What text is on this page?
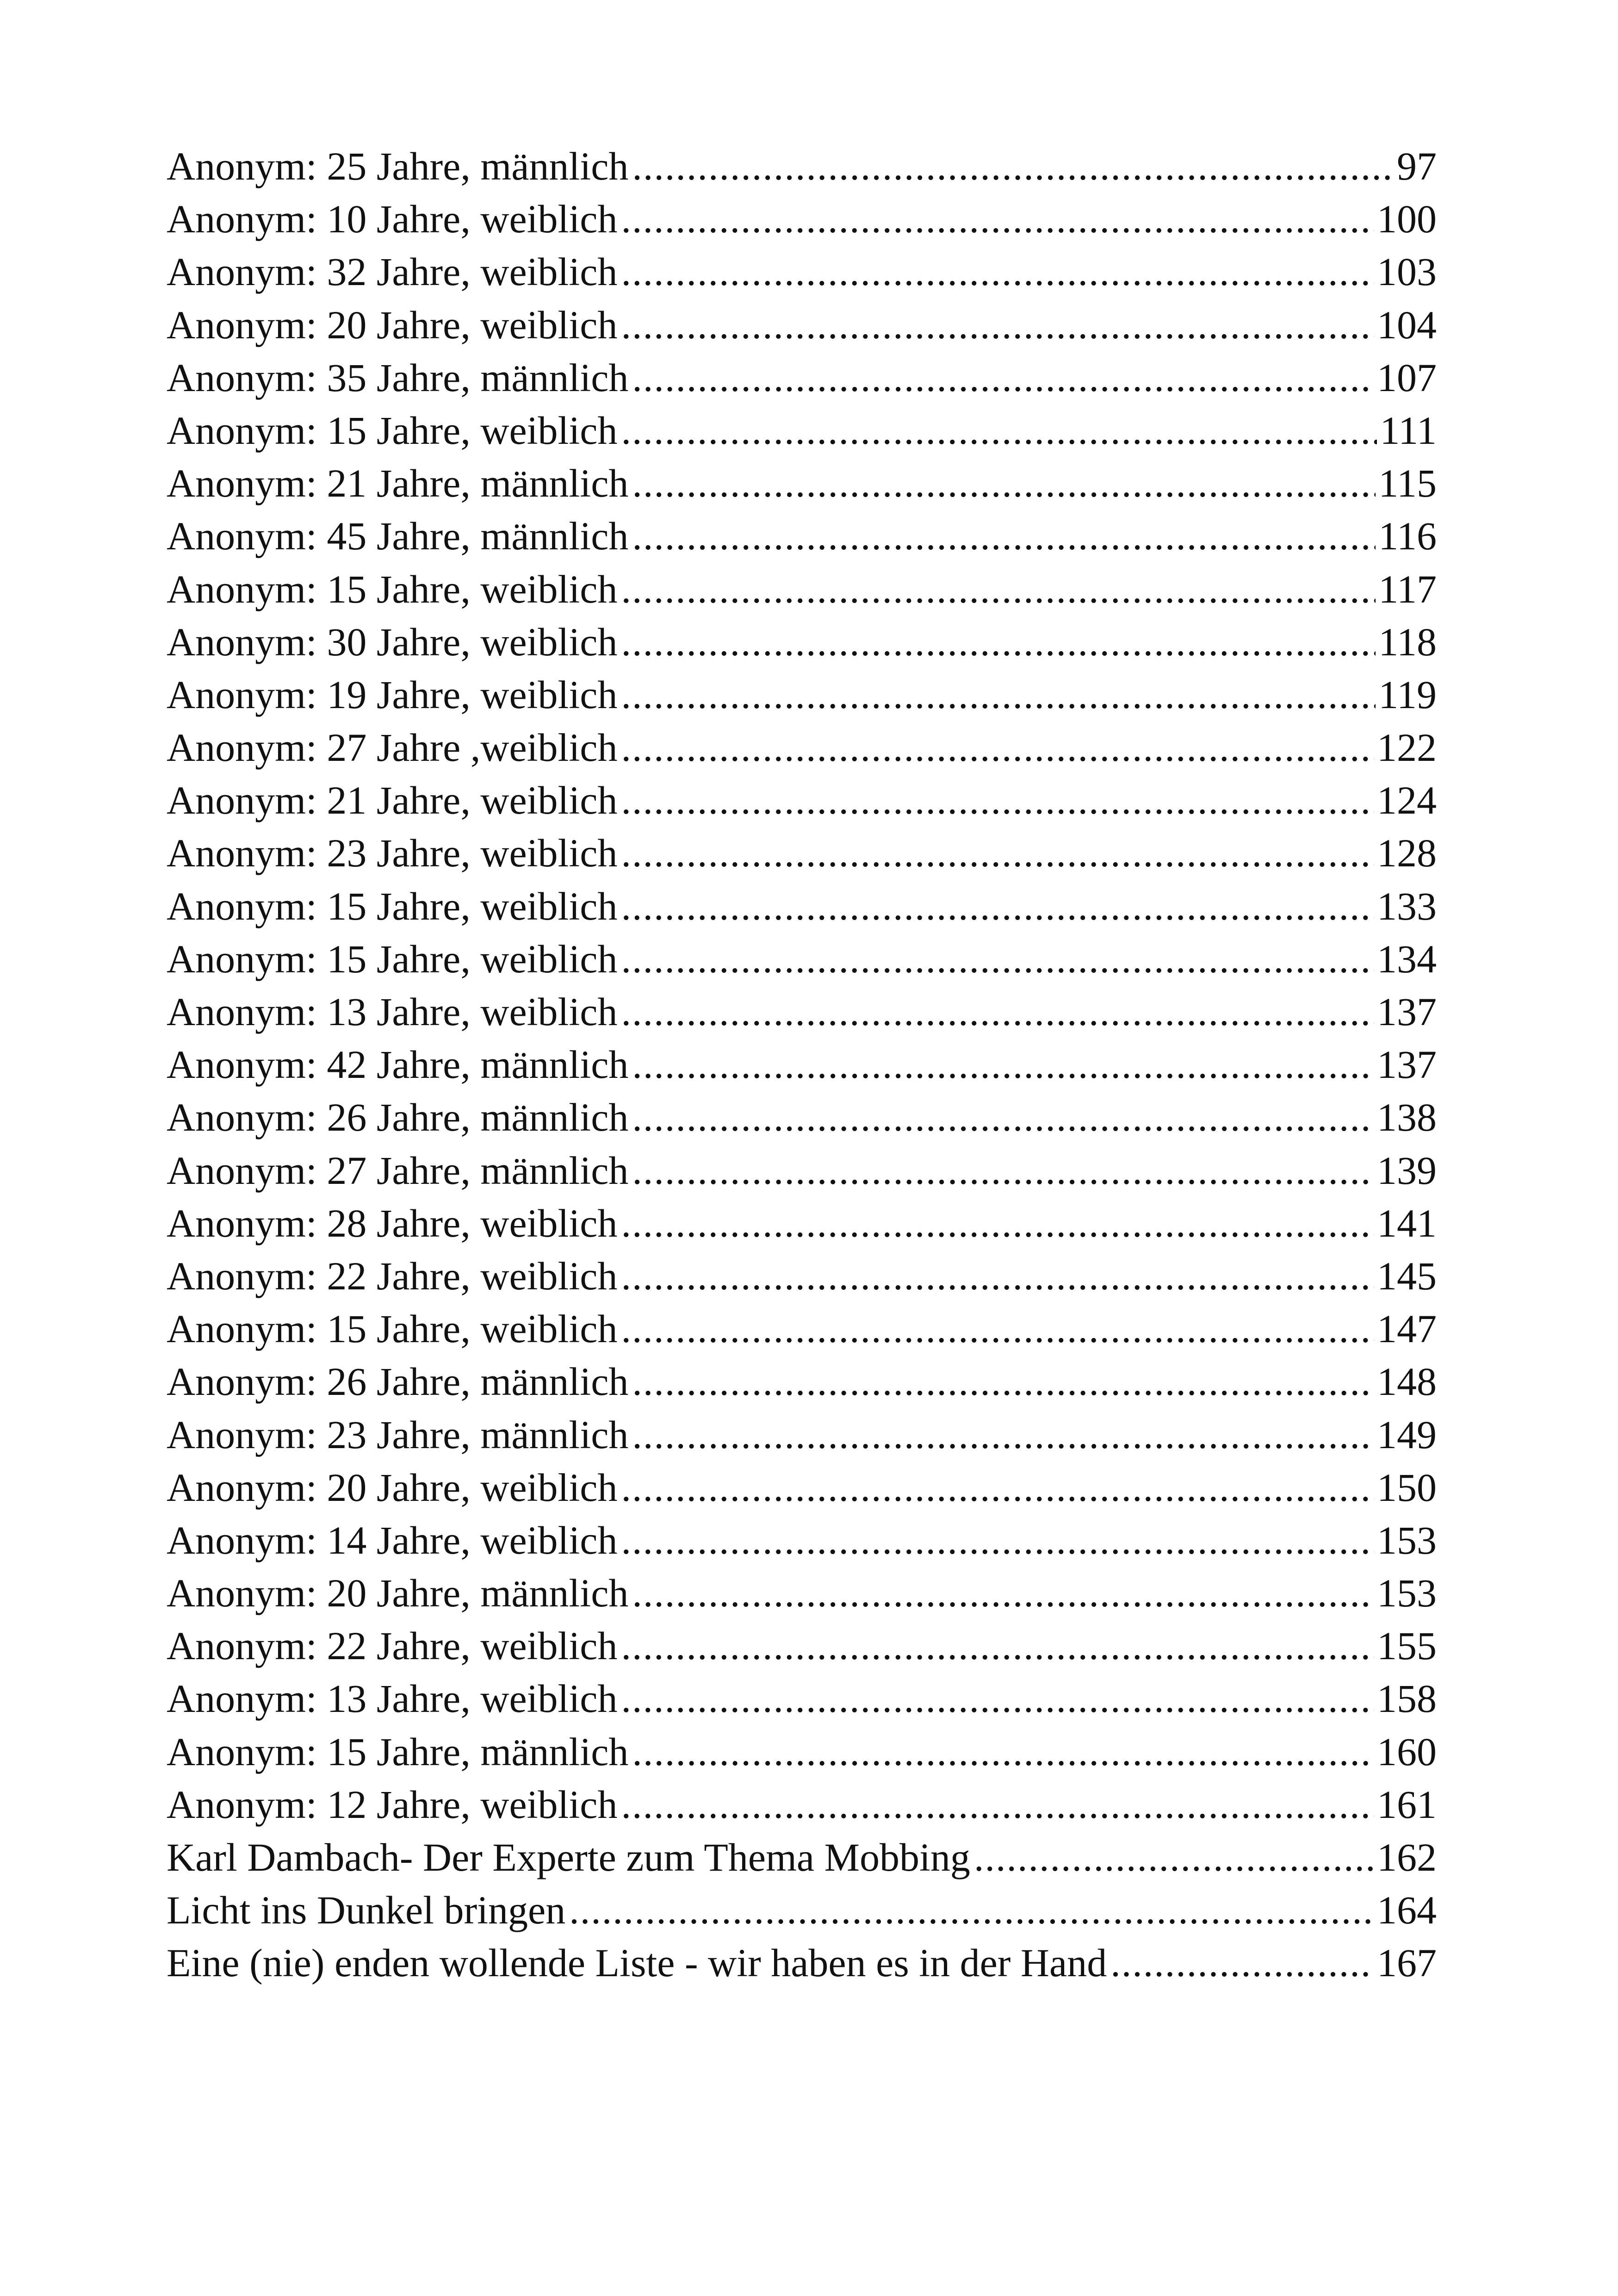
Anonym: 25 Jahre, männlich .....	97
Anonym: 10 Jahre, weiblich .....	100
Anonym: 32 Jahre, weiblich .....	103
Anonym: 20 Jahre, weiblich .....	104
Anonym: 35 Jahre, männlich .....	107
Anonym: 15 Jahre, weiblich .....	111
Anonym: 21 Jahre, männlich .....	115
Anonym: 45 Jahre, männlich .....	116
Anonym: 15 Jahre, weiblich .....	117
Anonym: 30 Jahre, weiblich .....	118
Anonym: 19 Jahre, weiblich .....	119
Anonym: 27 Jahre ,weiblich .....	122
Anonym: 21 Jahre, weiblich .....	124
Anonym: 23 Jahre, weiblich .....	128
Anonym: 15 Jahre, weiblich .....	133
Anonym: 15 Jahre, weiblich .....	134
Anonym: 13 Jahre, weiblich .....	137
Anonym: 42 Jahre, männlich .....	137
Anonym: 26 Jahre, männlich .....	138
Anonym: 27 Jahre, männlich .....	139
Anonym: 28 Jahre, weiblich .....	141
Anonym: 22 Jahre, weiblich .....	145
Anonym: 15 Jahre, weiblich .....	147
Anonym: 26 Jahre, männlich .....	148
Anonym: 23 Jahre, männlich .....	149
Anonym: 20 Jahre, weiblich .....	150
Anonym: 14 Jahre, weiblich .....	153
Anonym: 20 Jahre, männlich .....	153
Anonym: 22 Jahre, weiblich .....	155
Anonym: 13 Jahre, weiblich .....	158
Anonym: 15 Jahre, männlich .....	160
Anonym: 12 Jahre, weiblich .....	161
Karl Dambach- Der Experte zum Thema Mobbing .....	162
Licht ins Dunkel bringen .....	164
Eine (nie) enden wollende Liste - wir haben es in der Hand .....	167
